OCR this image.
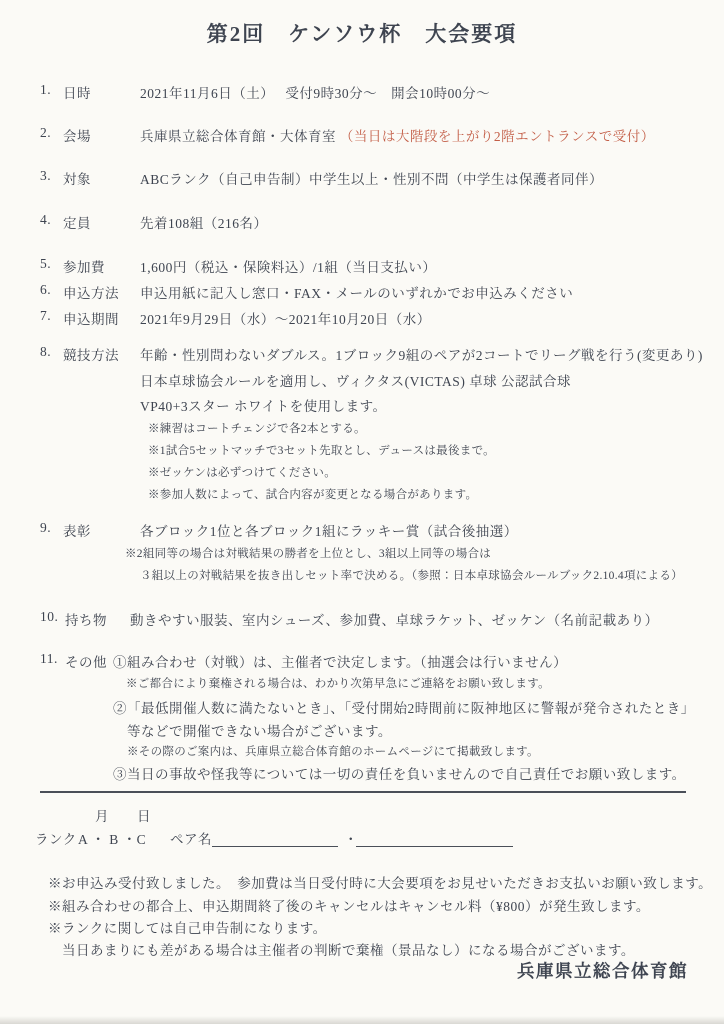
第2回　ケンソウ杯　大会要項
1. 日時	2021年11月6日（土）　 受付9時30分～　開会10時00分～
2. 会場	兵庫県立総合体育館・大体育室 （当日は大階段を上がり2階エントランスで受付）
3. 対象	ABCランク（自己申告制）中学生以上・性別不問（中学生は保護者同伴）
4. 定員	先着108組（216名）
5. 参加費	1,600円（税込・保険料込）/1組（当日支払い）
6. 申込方法	申込用紙に記入し窓口・FAX・メールのいずれかでお申込みください
7. 申込期間	2021年9月29日（水）～2021年10月20日（水）
8. 競技方法	年齢・性別問わないダブルス。1ブロック9組のペアが2コートでリーグ戦を行う(変更あり)
日本卓球協会ルールを適用し、ヴィクタス(VICTAS) 卓球 公認試合球
VP40+3スター ホワイトを使用します。
※練習はコートチェンジで各2本とする。
※1試合5セットマッチで3セット先取とし、デュースは最後まで。
※ゼッケンは必ずつけてください。
※参加人数によって、試合内容が変更となる場合があります。
9. 表彰	各ブロック1位と各ブロック1組にラッキー賞（試合後抽選）
※2組同等の場合は対戦結果の勝者を上位とし、3組以上同等の場合は
３組以上の対戦結果を抜き出しセット率で決める。（参照：日本卓球協会ルールブック2.10.4項による）
10. 持ち物	動きやすい服装、室内シューズ、参加費、卓球ラケット、ゼッケン（名前記載あり）
11. その他 ①組み合わせ（対戦）は、主催者で決定します。（抽選会は行いません）
※ご都合により棄権される場合は、わかり次第早急にご連絡をお願い致します。
②「最低開催人数に満たないとき」、「受付開始2時間前に阪神地区に警報が発令されたとき」
等などで開催できない場合がございます。
※その際のご案内は、兵庫県立総合体育館のホームページにて掲載致します。
③当日の事故や怪我等については一切の責任を負いませんので自己責任でお願い致します。
月 日
ランク A ・ B ・C ペア名	・
※お申込み受付致しました。　参加費は当日受付時に大会要項をお見せいただきお支払いお願い致します。
※組み合わせの都合上、申込期間終了後のキャンセルはキャンセル料（¥800）が発生致します。
※ランクに関しては自己申告制になります。
当日あまりにも差がある場合は主催者の判断で棄権（景品なし）になる場合がございます。
兵庫県立総合体育館
